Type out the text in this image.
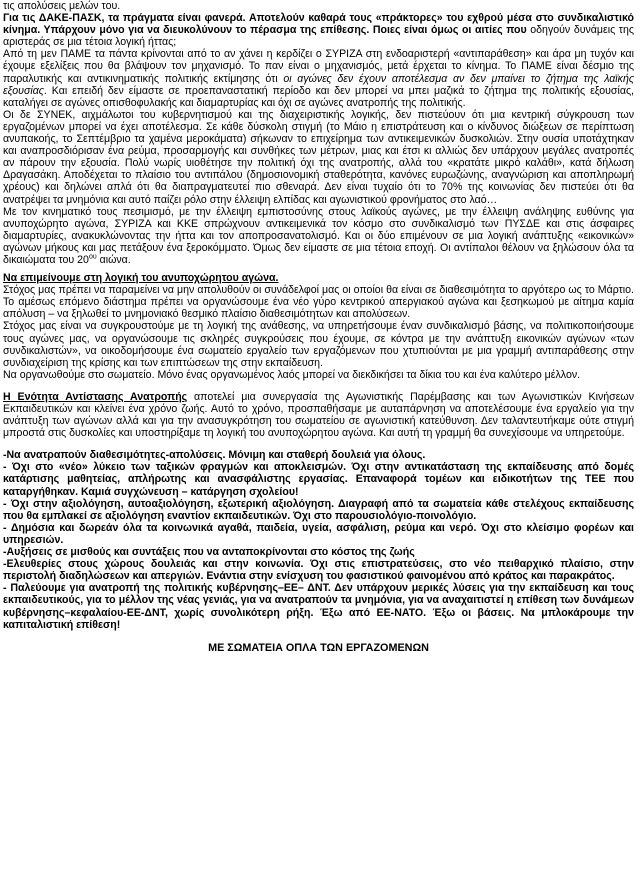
τις απολύσεις μελών του.

Για τις ΔΑΚΕ-ΠΑΣΚ, τα πράγματα είναι φανερά. Αποτελούν καθαρά τους «πράκτορες» του εχθρού μέσα στο συνδικαλιστικό κίνημα. Υπάρχουν μόνο για να διευκολύνουν το πέρασμα της επίθεσης. Ποιες είναι όμως οι αιτίες που οδηγούν δυνάμεις της αριστεράς σε μια τέτοια λογική ήττας;

Από τη μεν ΠΑΜΕ τα πάντα κρίνονται από το αν χάνει η κερδίζει ο ΣΥΡΙΖΑ στη ενδοαριστερή «αντιπαράθεση» και άρα μη τυχόν και έχουμε εξελίξεις που θα βλάψουν τον μηχανισμό. Το παν είναι ο μηχανισμός, μετά έρχεται το κίνημα. Το ΠΑΜΕ είναι δέσμιο της παραλυτικής και αντικινηματικής πολιτικής εκτίμησης ότι οι αγώνες δεν έχουν αποτέλεσμα αν δεν μπαίνει το ζήτημα της λαϊκής εξουσίας. Και επειδή δεν είμαστε σε προεπαναστατική περίοδο και δεν μπορεί να μπει μαζικά το ζήτημα της πολιτικής εξουσίας, καταλήγει σε αγώνες οπισθοφυλακής και διαμαρτυρίας και όχι σε αγώνες ανατροπής της πολιτικής.

Οι δε ΣΥΝΕΚ, αιχμάλωτοι του κυβερνητισμού και της διαχειριστικής λογικής, δεν πιστεύουν ότι μια κεντρική σύγκρουση των εργαζομένων μπορεί να έχει αποτέλεσμα. Σε κάθε δύσκολη στιγμή (το Μάιο η επιστράτευση και ο κίνδυνος διώξεων σε περίπτωση ανυπακοής, το Σεπτέμβριο τα χαμένα μεροκάματα) σήκωναν το επιχείρημα των αντικειμενικών δυσκολιών. Στην ουσία υποτάχτηκαν και αναπροσδιόρισαν ένα ρεύμα, προσαρμογής και συνθήκες των μέτρων, μιας και έτσι κι αλλιώς δεν υπάρχουν μεγάλες ανατροπές αν πάρουν την εξουσία. Πολύ νωρίς υιοθέτησε την πολιτική όχι της ανατροπής, αλλά του «κρατάτε μικρό καλάθι», κατά δήλωση Δραγασάκη. Αποδέχεται το πλαίσιο του αντιπάλου (δημοσιονομική σταθερότητα, κανόνες ευρωζώνης, αναγνώριση και αποπληρωμή χρέους) και δηλώνει απλά ότι θα διαπραγματευτεί πιο σθεναρά. Δεν είναι τυχαίο ότι το 70% της κοινωνίας δεν πιστεύει ότι θα ανατρέψει τα μνημόνια και αυτό παίζει ρόλο στην έλλειψη ελπίδας και αγωνιστικού φρονήματος στο λαό…

Με τον κινηματικό τους πεσιμισμό, με την έλλειψη εμπιστοσύνης στους λαϊκούς αγώνες, με την έλλειψη ανάληψης ευθύνης για ανυποχώρητο αγώνα, ΣΥΡΙΖΑ και ΚΚΕ σπρώχνουν αντικειμενικά τον κόσμο στο συνδικαλισμό των ΠΥΣΔΕ και στις άσφαιρες διαμαρτυρίες, ανακυκλώνοντας την ήττα και τον αποπροσανατολισμό. Και οι δύο επιμένουν σε μια λογική ανάπτυξης «εικονικών» αγώνων μήκους και μας πετάξουν ένα ξεροκόμματο. Όμως δεν είμαστε σε μια τέτοια εποχή. Οι αντίπαλοι θέλουν να ξηλώσουν όλα τα δικαιώματα του $20^{o\upsilon}$ αιώνα.

Να επιμείνουμε στη λογική του ανυποχώρητου αγώνα.

Στόχος μας πρέπει να παραμείνει να μην απολυθούν οι συνάδελφοί μας οι οποίοι θα είναι σε διαθεσιμότητα το αργότερο ως το Μάρτιο. Το αμέσως επόμενο διάστημα πρέπει να οργανώσουμε ένα νέο γύρο κεντρικού απεργιακού αγώνα και ξεσηκωμού με αίτημα καμία απόλυση – να ξηλωθεί το μνημονιακό θεσμικό πλαίσιο διαθεσιμότητων και απολύσεων.

Στόχος μας είναι να συγκρουστούμε με τη λογική της ανάθεσης, να υπηρετήσουμε έναν συνδικαλισμό βάσης, να πολιτικοποιήσουμε τους αγώνες μας, να οργανώσουμε τις σκληρές συγκρούσεις που έχουμε, σε κόντρα με την ανάπτυξη εικονικών αγώνων «των συνδικαλιστών», να οικοδομήσουμε ένα σωματείο εργαλείο των εργαζόμενων που χτυπιούνται με μια γραμμή αντιπαράθεσης στην συνδιαχείριση της κρίσης και των επιπτώσεων της στην εκπαίδευση.

Να οργανωθούμε στο σωματείο. Μόνο ένας οργανωμένος λαός μπορεί να διεκδικήσει τα δίκια του και ένα καλύτερο μέλλον.

Η Ενότητα Αντίστασης Ανατροπής αποτελεί μια συνεργασία της Αγωνιστικής Παρέμβασης και των Αγωνιστικών Κινήσεων Εκπαιδευτικών και κλείνει ένα χρόνο ζωής. Αυτό το χρόνο, προσπαθήσαμε με αυταπάρνηση να αποτελέσουμε ένα εργαλείο για την ανάπτυξη των αγώνων αλλά και για την ανασυγκρότηση του σωματείου σε αγωνιστική κατεύθυνση. Δεν ταλαντευτήκαμε ούτε στιγμή μπροστά στις δυσκολίες και υποστηρίξαμε τη λογική του ανυποχώρητου αγώνα. Και αυτή τη γραμμή θα συνεχίσουμε να υπηρετούμε.

-Να ανατραπούν διαθεσιμότητες-απολύσεις. Μόνιμη και σταθερή δουλειά για όλους.

- Όχι στο «νέο» λύκειο των ταξικών φραγμών και αποκλεισμών. Όχι στην αντικατάσταση της εκπαίδευσης από δομές κατάρτισης μαθητείας, απλήρωτης και ανασφάλιστης εργασίας. Επαναφορά τομέων και ειδικοτήτων της ΤΕΕ που καταργήθηκαν. Καμιά συγχώνευση – κατάργηση σχολείου!

- Όχι στην αξιολόγηση, αυτοαξιολόγηση, εξωτερική αξιολόγηση. Διαγραφή από τα σωματεία κάθε στελέχους εκπαίδευσης που θα εμπλακεί σε αξιολόγηση εναντίον εκπαιδευτικών. Όχι στο παρουσιολόγιο-ποινολόγιο.

- Δημόσια και δωρεάν όλα τα κοινωνικά αγαθά, παιδεία, υγεία, ασφάλιση, ρεύμα και νερό. Όχι στο κλείσιμο φορέων και υπηρεσιών.

-Αυξήσεις σε μισθούς και συντάξεις που να ανταποκρίνονται στο κόστος της ζωής

-Ελευθερίες στους χώρους δουλειάς και στην κοινωνία. Όχι στις επιστρατεύσεις, στο νέο πειθαρχικό πλαίσιο, στην περιστολή διαδηλώσεων και απεργιών. Ενάντια στην ενίσχυση του φασιστικού φαινομένου από κράτος και παρακράτος.

- Παλεύουμε για ανατροπή της πολιτικής κυβέρνησης–ΕΕ– ΔΝΤ. Δεν υπάρχουν μερικές λύσεις για την εκπαίδευση και τους εκπαιδευτικούς, για το μέλλον της νέας γενιάς, για να ανατραπούν τα μνημόνια, για να αναχαιτιστεί η επίθεση των δυνάμεων κυβέρνησης–κεφαλαίου-ΕΕ-ΔΝΤ, χωρίς συνολικότερη ρήξη. Έξω από ΕΕ-ΝΑΤΟ. Έξω οι βάσεις. Να μπλοκάρουμε την καπιταλιστική επίθεση!

ΜΕ ΣΩΜΑΤΕΙΑ ΟΠΛΑ ΤΩΝ ΕΡΓΑΖΟΜΕΝΩΝ
